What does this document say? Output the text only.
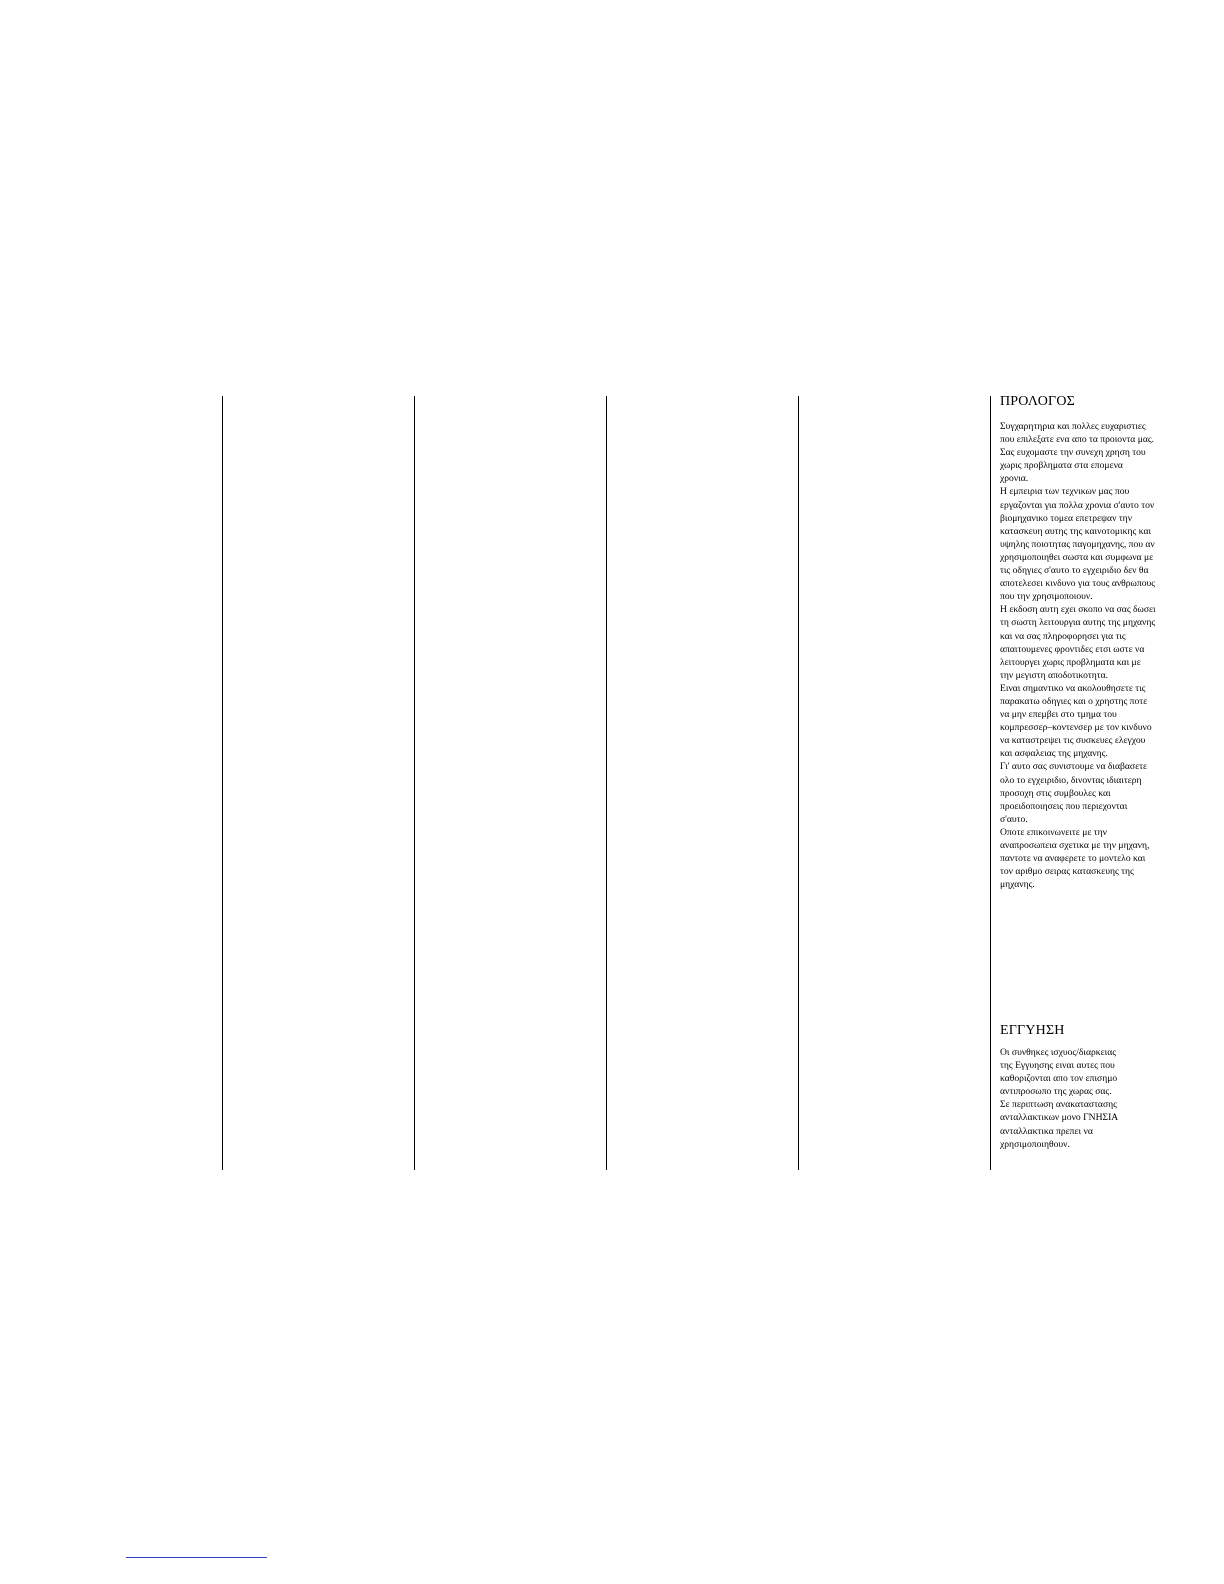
ΠΡΟΛΟΓΟΣ

Συγχαρητηρια και πολλες ευχαριστιες
που επιλεξατε ενα απο τα προιοντα μας.
Σας ευχομαστε την συνεχη χρηση του
χωρις προβληματα στα επομενα
χρονια.
Η εμπειρια των τεχνικων μας που
εργαζονται για πολλα χρονια σ'αυτο τον
βιομηχανικο τομεα επετρεψαν την
κατασκευη αυτης της καινοτομικης και
υψηλης ποιοτητας παγομηχανης, που αν
χρησιμοποιηθει σωστα και συμφωνα με
τις οδηγιες σ'αυτο το εγχειριδιο δεν θα
αποτελεσει κινδυνο για τους ανθρωπους
που την χρησιμοποιουν.
Η εκδοση αυτη εχει σκοπο να σας δωσει
τη σωστη λειτουργια αυτης της μηχανης
και να σας πληροφορησει για τις
απαιτουμενες φροντιδες ετσι ωστε να
λειτουργει χωρις προβληματα και με
την μεγιστη αποδοτικοτητα.
Ειναι σημαντικο να ακολουθησετε τις
παρακατω οδηγιες και ο χρηστης ποτε
να μην επεμβει στο τμημα του
κομπρεσσερ–κοντενσερ με τον κινδυνο
να καταστρεψει τις συσκευες ελεγχου
και ασφαλειας της μηχανης.
Γι' αυτο σας συνιστουμε να διαβασετε
ολο το εγχειριδιο, δινοντας ιδιαιτερη
προσοχη στις συμβουλες και
προειδοποιησεις που περιεχονται
σ'αυτο.
Οποτε επικοινωνειτε με την
αναπροσωπεια σχετικα με την μηχανη,
παντοτε να αναφερετε το μοντελο και
τον αριθμο σειρας κατασκευης της
μηχανης.

ΕΓΓΥΗΣΗ

Οι συνθηκες ισχυος/διαρκειας
της Εγγυησης ειναι αυτες που
καθοριζονται απο τον επισημο
αντιπροσωπο της χωρας σας.
Σε περιπτωση ανακαταστασης
ανταλλακτικων μονο ΓΝΗΣΙΑ
ανταλλακτικα πρεπει να
χρησιμοποιηθουν.
